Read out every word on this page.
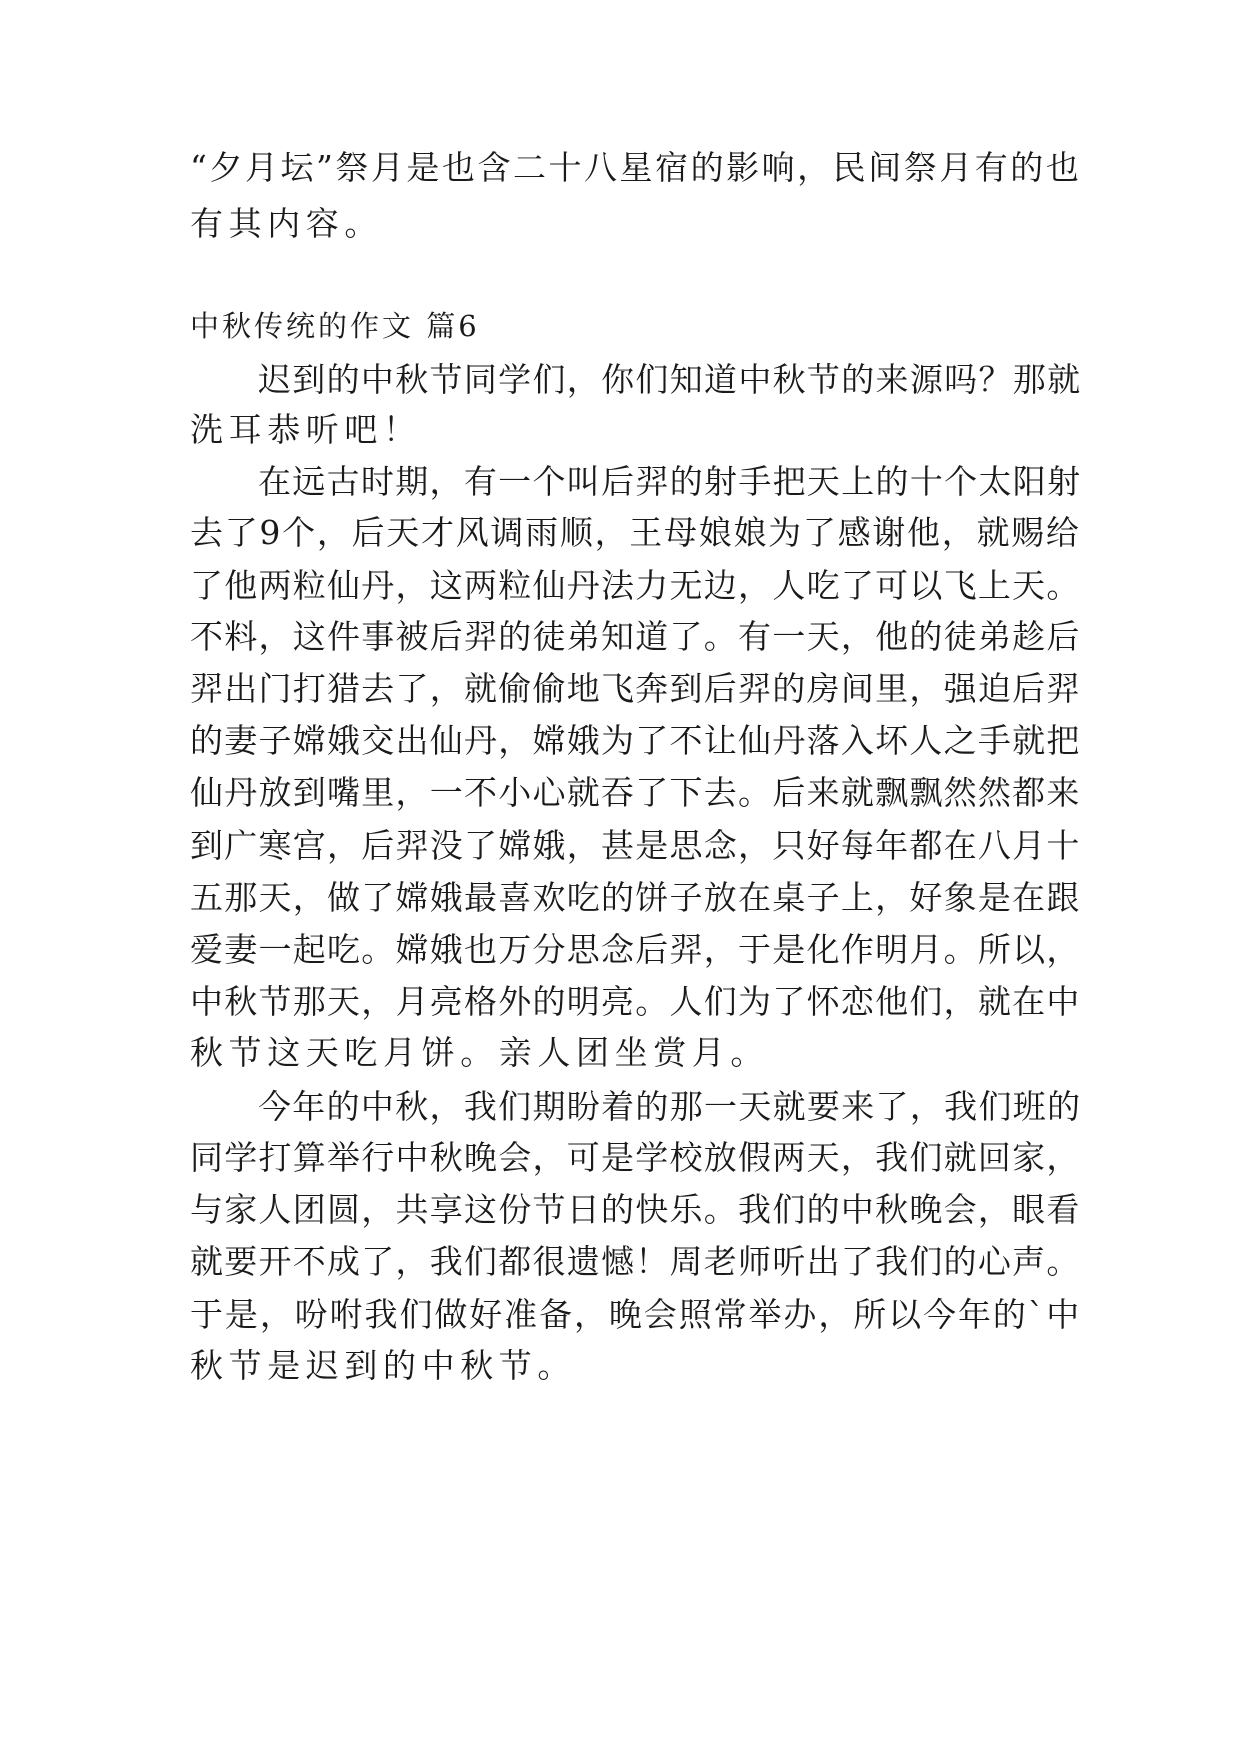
“夕月坛”祭月是也含二十八星宿的影响，民间祭月有的也
有其内容。
中秋传统的作文 篇6
迟到的中秋节同学们，你们知道中秋节的来源吗？那就
洗耳恭听吧！
在远古时期，有一个叫后羿的射手把天上的十个太阳射
去了9个，后天才风调雨顺，王母娘娘为了感谢他，就赐给
了他两粒仙丹，这两粒仙丹法力无边，人吃了可以飞上天。
不料，这件事被后羿的徒弟知道了。有一天，他的徒弟趁后
羿出门打猎去了，就偷偷地飞奔到后羿的房间里，强迫后羿
的妻子嫦娥交出仙丹，嫦娥为了不让仙丹落入坏人之手就把
仙丹放到嘴里，一不小心就吞了下去。后来就飘飘然然都来
到广寒宫，后羿没了嫦娥，甚是思念，只好每年都在八月十
五那天，做了嫦娥最喜欢吃的饼子放在桌子上，好象是在跟
爱妻一起吃。嫦娥也万分思念后羿，于是化作明月。所以，
中秋节那天，月亮格外的明亮。人们为了怀恋他们，就在中
秋节这天吃月饼。亲人团坐赏月。
今年的中秋，我们期盼着的那一天就要来了，我们班的
同学打算举行中秋晚会，可是学校放假两天，我们就回家，
与家人团圆，共享这份节日的快乐。我们的中秋晚会，眼看
就要开不成了，我们都很遗憾！周老师听出了我们的心声。
于是，吩咐我们做好准备，晚会照常举办，所以今年的`中
秋节是迟到的中秋节。
